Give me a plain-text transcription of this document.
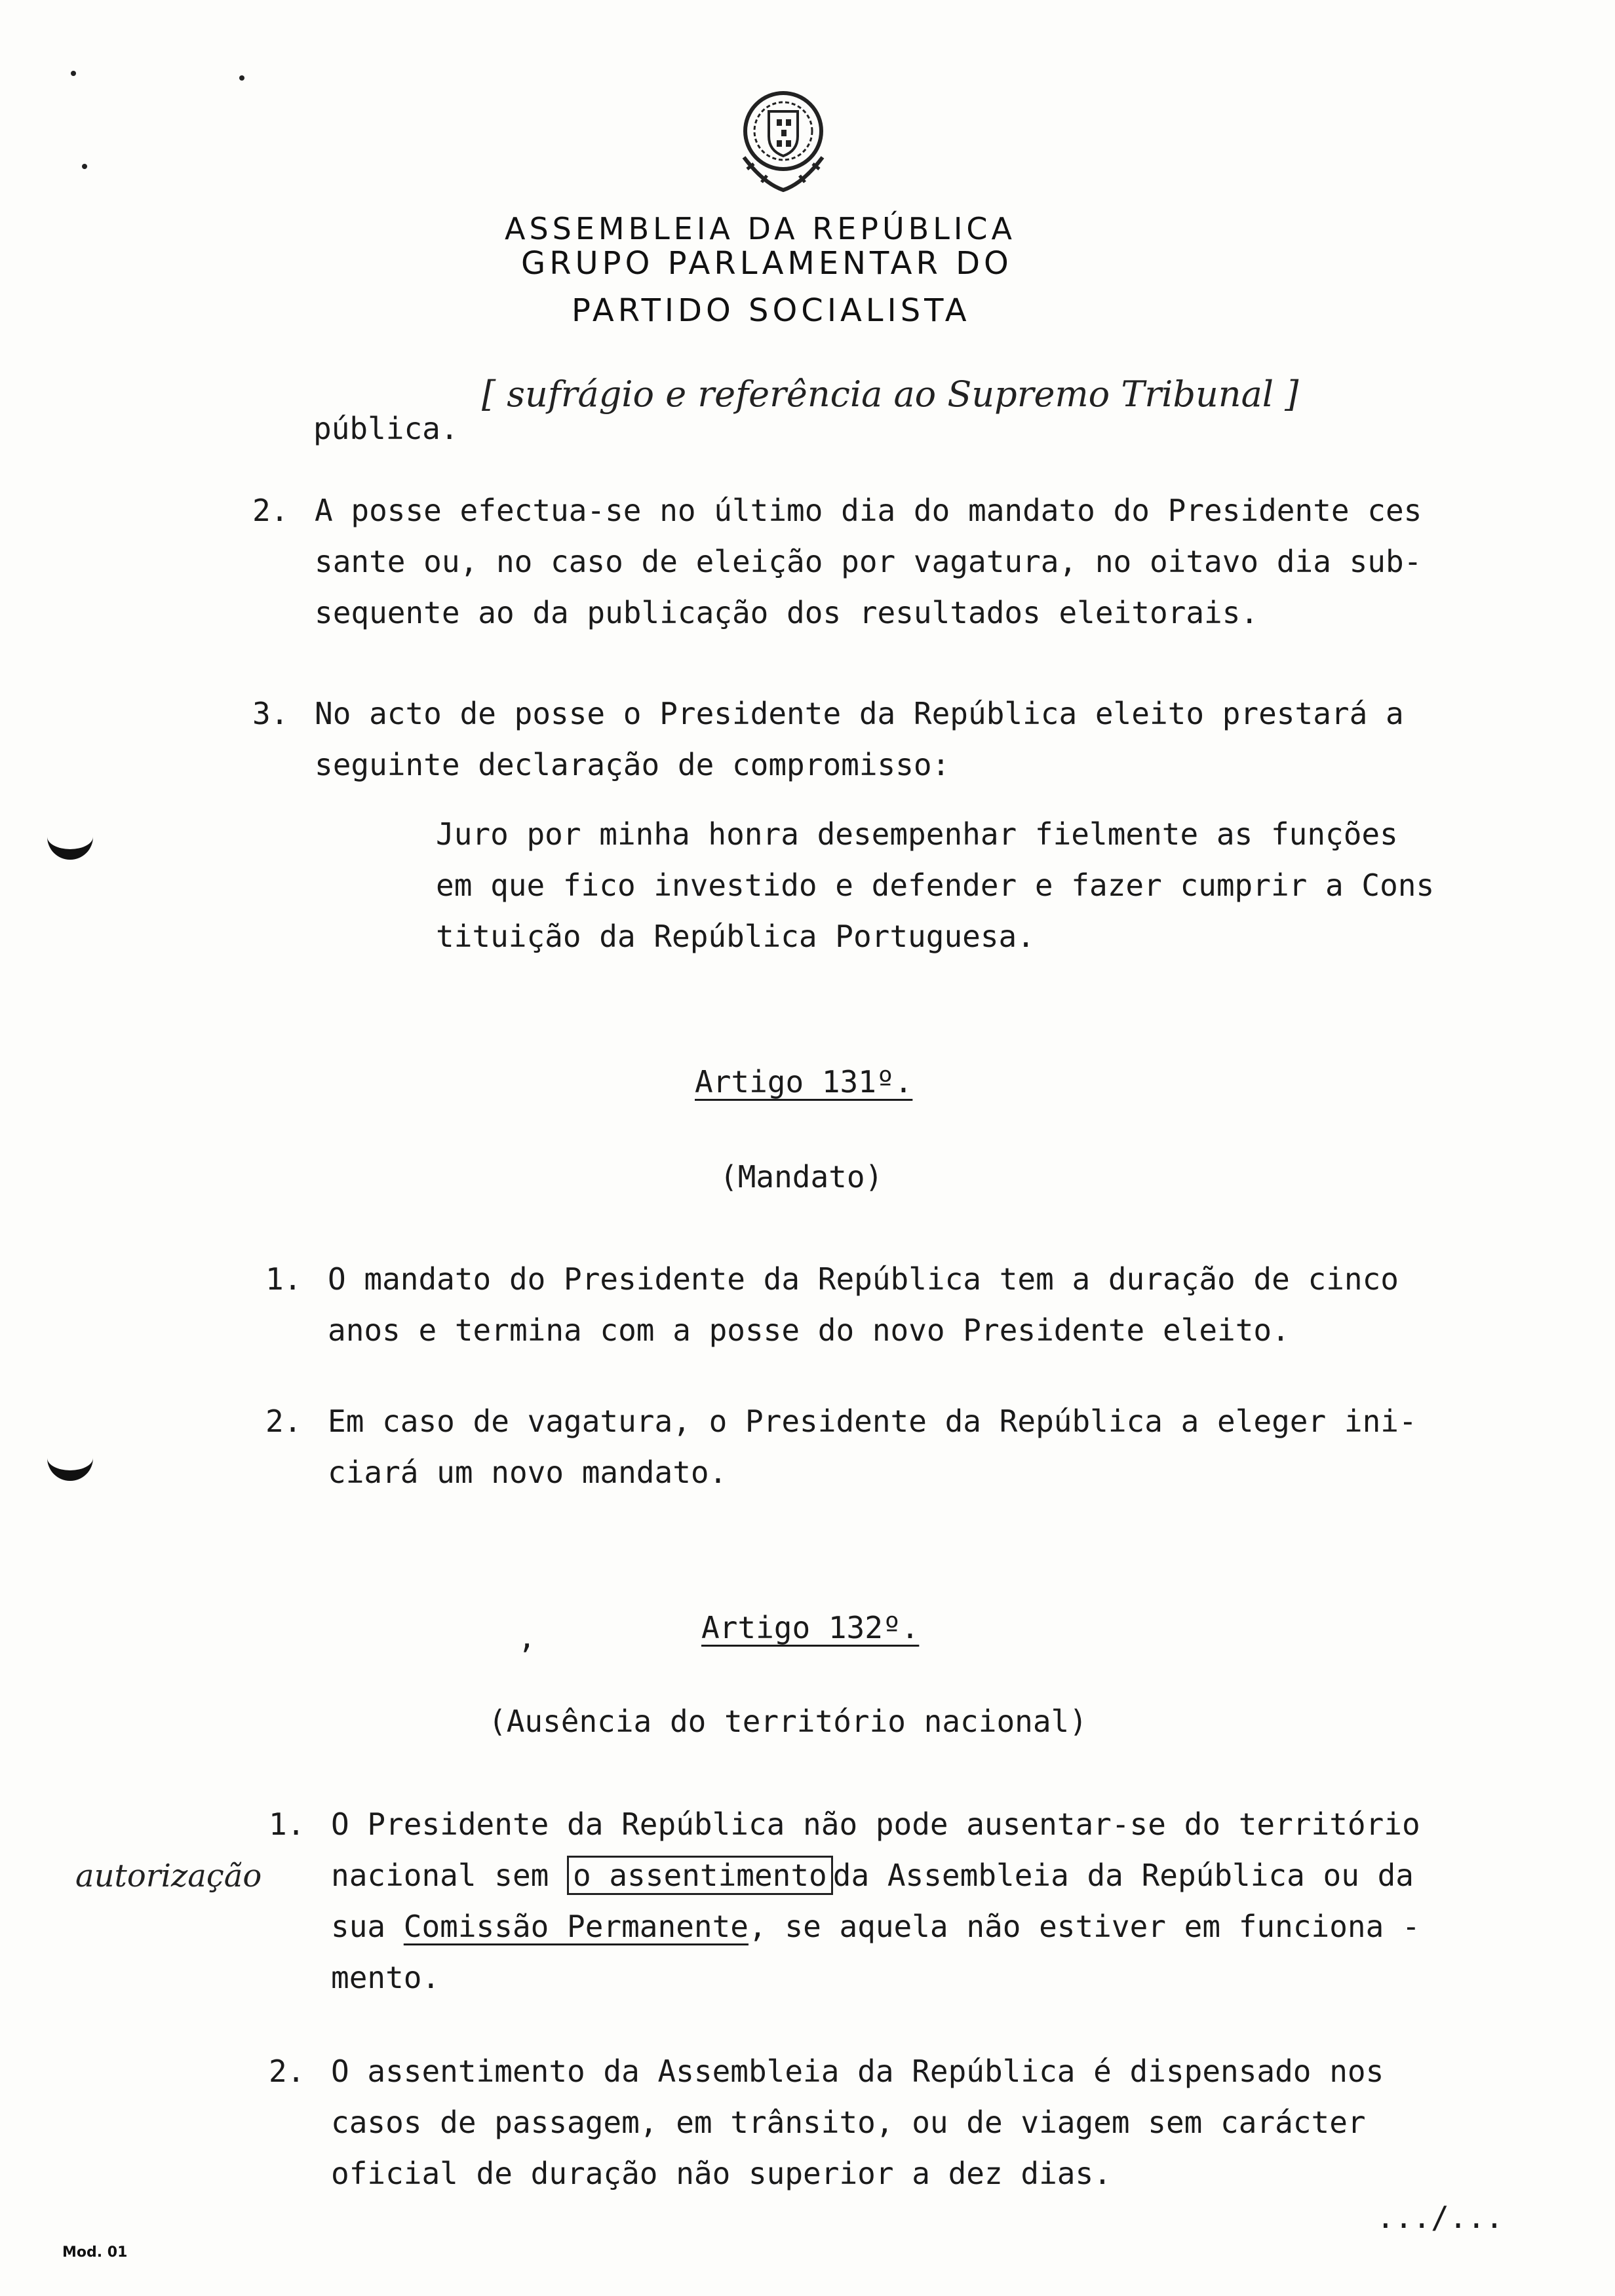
ASSEMBLEIA DA REPÚBLICA
GRUPO PARLAMENTAR DO
PARTIDO SOCIALISTA
pública.
[ sufrágio e referência ao Supremo Tribunal ]
2. A posse efectua-se no último dia do mandato do Presidente ces
sante ou, no caso de eleição por vagatura, no oitavo dia sub-
sequente ao da publicação dos resultados eleitorais.
3. No acto de posse o Presidente da República eleito prestará a
seguinte declaração de compromisso:
Juro por minha honra desempenhar fielmente as funções
em que fico investido e defender e fazer cumprir a Cons
tituição da República Portuguesa.
Artigo 131º.
(Mandato)
1. O mandato do Presidente da República tem a duração de cinco
anos e termina com a posse do novo Presidente eleito.
2. Em caso de vagatura, o Presidente da República a eleger ini-
ciará um novo mandato.
,	Artigo 132º.
(Ausência do território nacional)
1. O Presidente da República não pode ausentar-se do território
nacional sem o assentimento da Assembleia da República ou da
sua Comissão Permanente, se aquela não estiver em funciona -
mento.
autorização
2. O assentimento da Assembleia da República é dispensado nos
casos de passagem, em trânsito, ou de viagem sem carácter
oficial de duração não superior a dez dias.
.../...
Mod. 01
